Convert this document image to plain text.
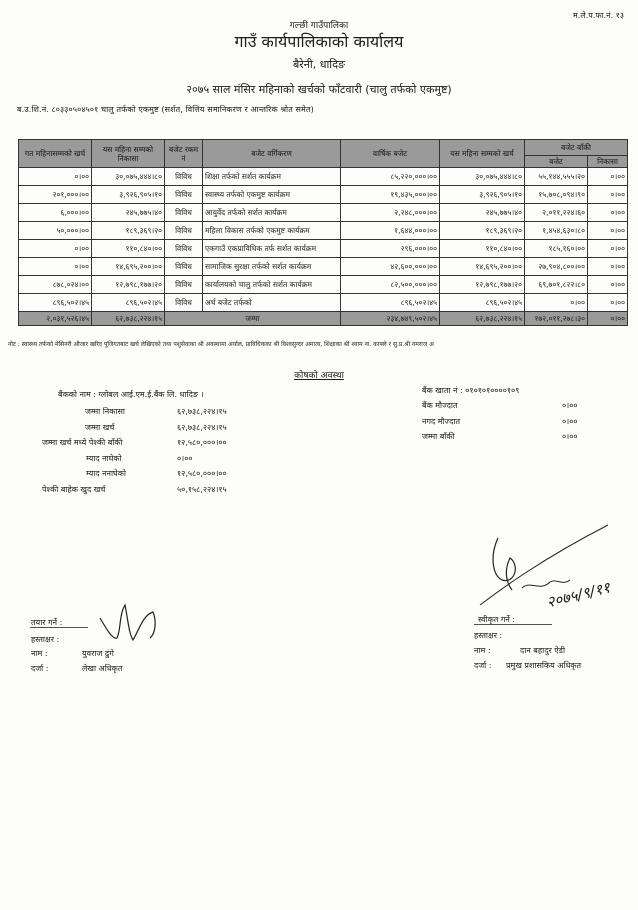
म.ले.प.फा.नं. १३
गल्छी गाउँपालिका
गाउँ कार्यपालिकाको कार्यालय
बैरेनी, धादिङ
२०७५ साल मंसिर महिनाको खर्चको फाँटवारी (चालु तर्फको एकमुष्ट)
ब.उ.शि.नं. ८०३३०५०४५०१ चालु तर्फको एकमुष्ट (सर्शत, वित्तिय समानिकरण र आन्तरिक श्रोत समेत)
गत महिनासम्मको खर्च	यस महिना सम्मको निकासा	बजेट रकम नं	बजेट वर्गिकरण	वार्षिक बजेट	यस महिना सम्मको खर्च	बजेट बाँकी	
						बजेट	निकासा
०।००	३०,०७५,४४४।८०	विविध	शिक्षा तर्फको सर्शत कार्यक्रम	८५,२२०,०००।००	३०,०७५,४४४।८०	५५,१४४,५५५।२०	०।००
२०१,०००।००	३,९२६,९०५।१०	विविध	स्वास्थ्य तर्फको एकमुष्ट कार्यक्रम	१९,४३५,०००।००	३,९२६,९०५।१०	१५,७०८,०९४।९०	०।००
६,०००।००	२४५,७७५।४०	विविध	आयुर्वेद तर्फको सर्शत कार्यक्रम	२,२४८,०००।००	२४५,७७५।४०	२,०११,२२४।६०	०।००
५०,०००।००	१८९,३६९।२०	विविध	महिला विकास तर्फको एकमुष्ट कार्यक्रम	१,६४४,०००।००	१८९,३६९।२०	१,४५४,६३०।८०	०।००
०।००	११०,८४०।००	विविध	एकगाउँ एकप्राविधिक तर्फ सर्शत कार्यक्रम	२९६,०००।००	११०,८४०।००	१८५,१६०।००	०।००
०।००	१४,६९५,२००।००	विविध	सामाजिक सुरक्षा तर्फको सर्शत कार्यक्रम	४२,६००,०००।००	१४,६९५,२००।००	२७,९०४,८००।००	०।००
८७८,०२४।००	१२,७९८,१७७।२०	विविध	कार्यालयको चालु तर्फको सर्शत कार्यक्रम	८२,५००,०००।००	१२,७९८,१७७।२०	६९,७०१,८२२।८०	०।००
८९६,५०२।४५	८९६,५०२।४५	विविध	अर्थ बजेट तर्फको	८९६,५०२।४५	८९६,५०२।४५	०।००	०।००
२,०३१,५२६।४५	६२,७३८,२२४।१५	जम्मा		२३४,७४९,५०२।४५	६२,७३८,२२४।१५	१७२,०११,२७८।३०	०।००
नोट : स्वास्थ्य तर्फको मेसिनरी औजार खरिद पुजिगतबाट खर्च लेखिएको तथा पशुसेवाका श्री अवस्थामा अर्याल, प्राविधिकका श्री विश्वसुन्दर अमात्य, शिक्षाका श्री श्याम ना. काफ्ले र सु.प्र.श्री नमराज अ
कोषको अवस्था
बैंकको नाम : ग्लोबल आई.एम.ई.बैंक लि. धादिङ ।
जम्मा निकासा	६२,७३८,२२४।१५
जम्मा खर्च	६२,७३८,२२४।१५
जम्मा खर्च मध्ये पेश्की बाँकी	१२,५८०,०००।००
म्याद नाघेको	०।००
म्याद ननाघेको	१२,५८०,०००।००
पेश्की बाहेक खुद खर्च	५०,१५८,२२४।१५
बैंक खाता नं : ०१०१०१००००१०९
बैंक मौज्दात	०।००
नगद मौज्दात	०।००
जम्मा बाँकी	०।००
२०७५/९/११
तयार गर्ने :
हस्ताक्षर :
नाम :	युवराज ढुंगे
दर्जा :	लेखा अधिकृत
स्वीकृत गर्ने :
हस्ताक्षर :
नाम :	दान बहादुर ऐडी
दर्जा : प्रमुख प्रशासकिय अधिकृत
